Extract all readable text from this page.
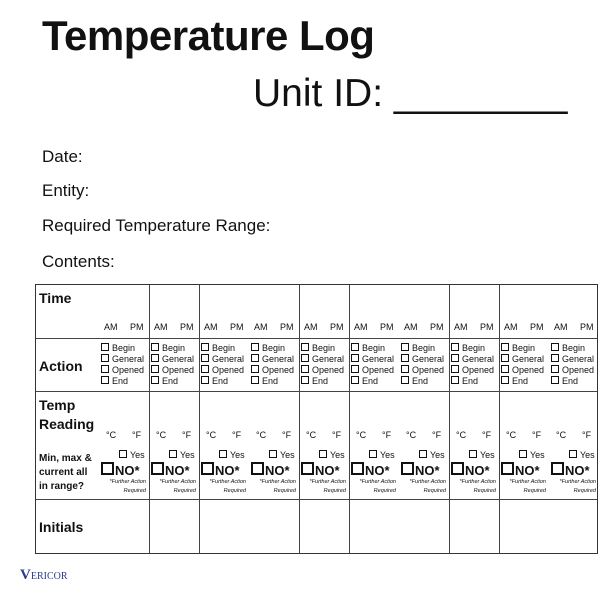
Temperature Log
Unit ID: ________
Date:
Entity:
Required Temperature Range:
Contents:
Time
Action
Temp
Reading
Min, max &
current all
in range?
Initials
AM PM
Begin
General
Opened
End
°C °F
Yes
NO*
*Further Action
Required
AM PM
Begin
General
Opened
End
°C °F
Yes
NO*
*Further Action
Required
AM PM
Begin
General
Opened
End
°C °F
Yes
NO*
*Further Action
Required
AM PM
Begin
General
Opened
End
°C °F
Yes
NO*
*Further Action
Required
AM PM
Begin
General
Opened
End
°C °F
Yes
NO*
*Further Action
Required
AM PM
Begin
General
Opened
End
°C °F
Yes
NO*
*Further Action
Required
AM PM
Begin
General
Opened
End
°C °F
Yes
NO*
*Further Action
Required
AM PM
Begin
General
Opened
End
°C °F
Yes
NO*
*Further Action
Required
AM PM
Begin
General
Opened
End
°C °F
Yes
NO*
*Further Action
Required
AM PM
Begin
General
Opened
End
°C °F
Yes
NO*
*Further Action
Required
VERICOR
